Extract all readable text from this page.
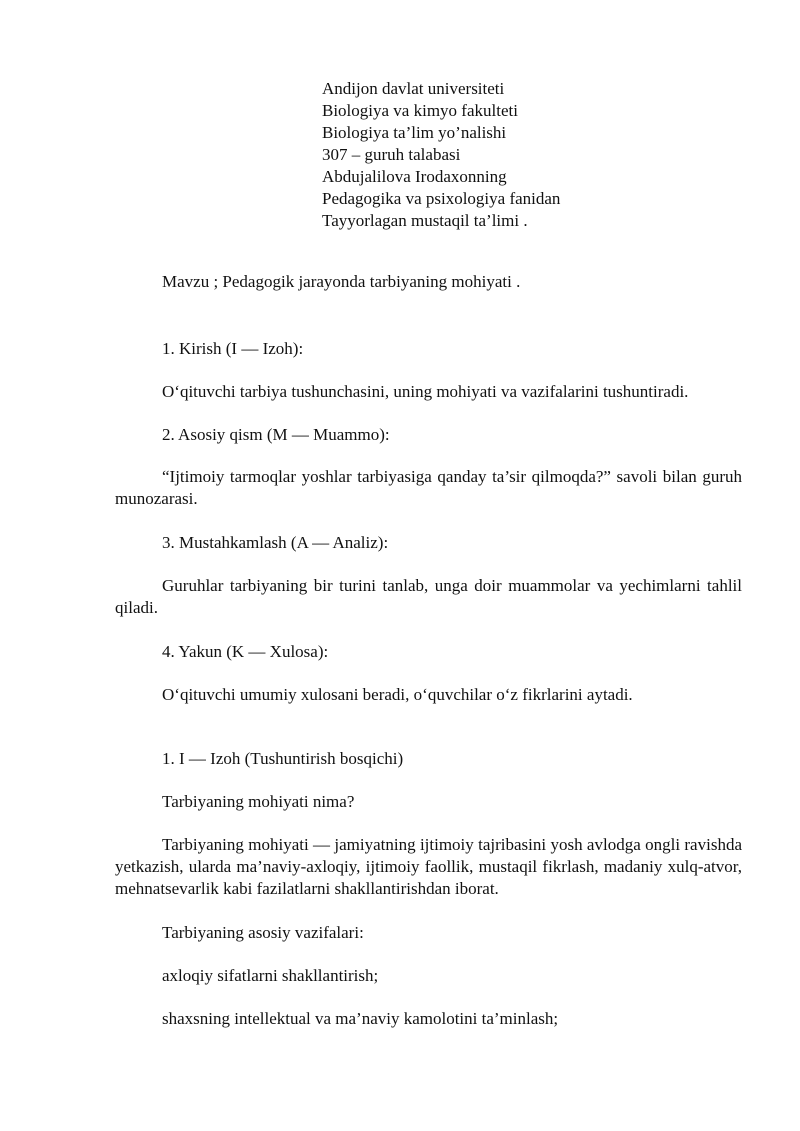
Andijon davlat universiteti
Biologiya va kimyo fakulteti
Biologiya ta’lim yo’nalishi
307 – guruh talabasi
Abdujalilova Irodaxonning
Pedagogika va psixologiya fanidan
Tayyorlagan mustaqil ta’limi .

Mavzu ; Pedagogik jarayonda tarbiyaning mohiyati .

1. Kirish (I — Izoh):

O‘qituvchi tarbiya tushunchasini, uning mohiyati va vazifalarini tushuntiradi.

2. Asosiy qism (M — Muammo):

“Ijtimoiy tarmoqlar yoshlar tarbiyasiga qanday ta’sir qilmoqda?” savoli bilan guruh munozarasi.

3. Mustahkamlash (A — Analiz):

Guruhlar tarbiyaning bir turini tanlab, unga doir muammolar va yechimlarni tahlil qiladi.

4. Yakun (K — Xulosa):

O‘qituvchi umumiy xulosani beradi, o‘quvchilar o‘z fikrlarini aytadi.

1. I — Izoh (Tushuntirish bosqichi)

Tarbiyaning mohiyati nima?

Tarbiyaning mohiyati — jamiyatning ijtimoiy tajribasini yosh avlodga ongli ravishda yetkazish, ularda ma’naviy-axloqiy, ijtimoiy faollik, mustaqil fikrlash, madaniy xulq-atvor, mehnatsevarlik kabi fazilatlarni shakllantirishdan iborat.

Tarbiyaning asosiy vazifalari:

axloqiy sifatlarni shakllantirish;

shaxsning intellektual va ma’naviy kamolotini ta’minlash;
